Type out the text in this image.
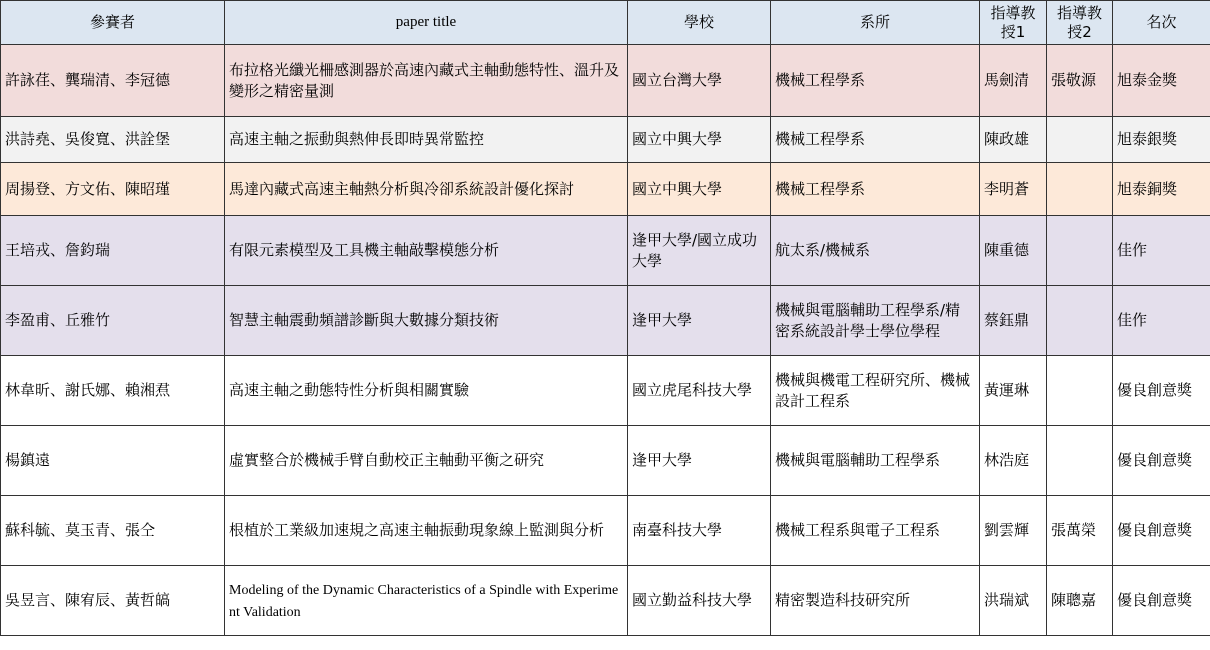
參賽者	paper title	學校	系所	指導教授1	指導教授2	名次
許詠荏、龔瑞清、李冠德	布拉格光纖光柵感測器於高速內藏式主軸動態特性、溫升及變形之精密量測	國立台灣大學	機械工程學系	馬劍清	張敬源	旭泰金獎
洪詩堯、吳俊寬、洪詮堡	高速主軸之振動與熱伸長即時異常監控	國立中興大學	機械工程學系	陳政雄		旭泰銀獎
周揚登、方文佑、陳昭瑾	馬達內藏式高速主軸熱分析與冷卻系統設計優化探討	國立中興大學	機械工程學系	李明蒼		旭泰銅獎
王培戎、詹鈞瑞	有限元素模型及工具機主軸敲擊模態分析	逢甲大學/國立成功大學	航太系/機械系	陳重德		佳作
李盈甫、丘雅竹	智慧主軸震動頻譜診斷與大數據分類技術	逢甲大學	機械與電腦輔助工程學系/精密系統設計學士學位學程	蔡鈺鼎		佳作
林韋昕、謝氏娜、賴湘焄	高速主軸之動態特性分析與相關實驗	國立虎尾科技大學	機械與機電工程研究所、機械設計工程系	黃運琳		優良創意獎
楊鎮遠	虛實整合於機械手臂自動校正主軸動平衡之研究	逢甲大學	機械與電腦輔助工程學系	林浩庭		優良創意獎
蘇科毓、莫玉青、張仝	根植於工業級加速規之高速主軸振動現象線上監測與分析	南臺科技大學	機械工程系與電子工程系	劉雲輝	張萬榮	優良創意獎
吳昱言、陳宥辰、黃哲皜	Modeling of the Dynamic Characteristics of a Spindle with Experiment Validation	國立勤益科技大學	精密製造科技研究所	洪瑞斌	陳聰嘉	優良創意獎
